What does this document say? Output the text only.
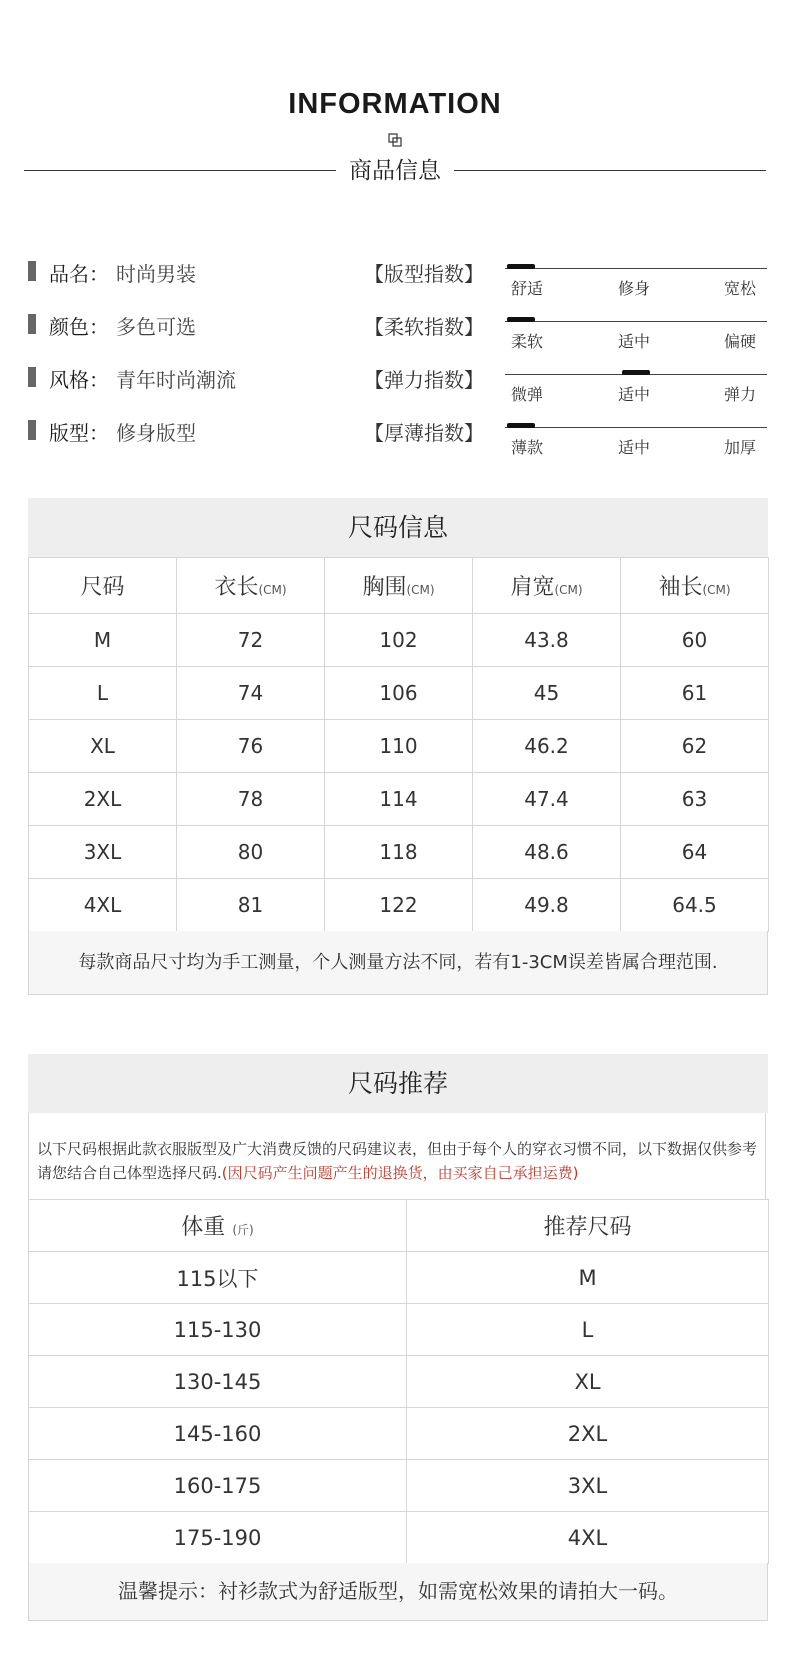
INFORMATION
商品信息
品名： 时尚男装
颜色： 多色可选
风格： 青年时尚潮流
版型： 修身版型
【版型指数】
舒适	修身	宽松
【柔软指数】
柔软	适中	偏硬
【弹力指数】
微弹	适中	弹力
【厚薄指数】
薄款	适中	加厚
尺码信息
尺码	衣长(CM)	胸围(CM)	肩宽(CM)	袖长(CM)
M	72	102	43.8	60
L	74	106	45	61
XL	76	110	46.2	62
2XL	78	114	47.4	63
3XL	80	118	48.6	64
4XL	81	122	49.8	64.5
每款商品尺寸均为手工测量，个人测量方法不同，若有1-3CM误差皆属合理范围.
尺码推荐
以下尺码根据此款衣服版型及广大消费反馈的尺码建议表，但由于每个人的穿衣习惯不同，以下数据仅供参考请您结合自己体型选择尺码.(因尺码产生问题产生的退换货，由买家自己承担运费)
体重 (斤)	推荐尺码
115以下	M
115-130	L
130-145	XL
145-160	2XL
160-175	3XL
175-190	4XL
温馨提示：衬衫款式为舒适版型，如需宽松效果的请拍大一码。
